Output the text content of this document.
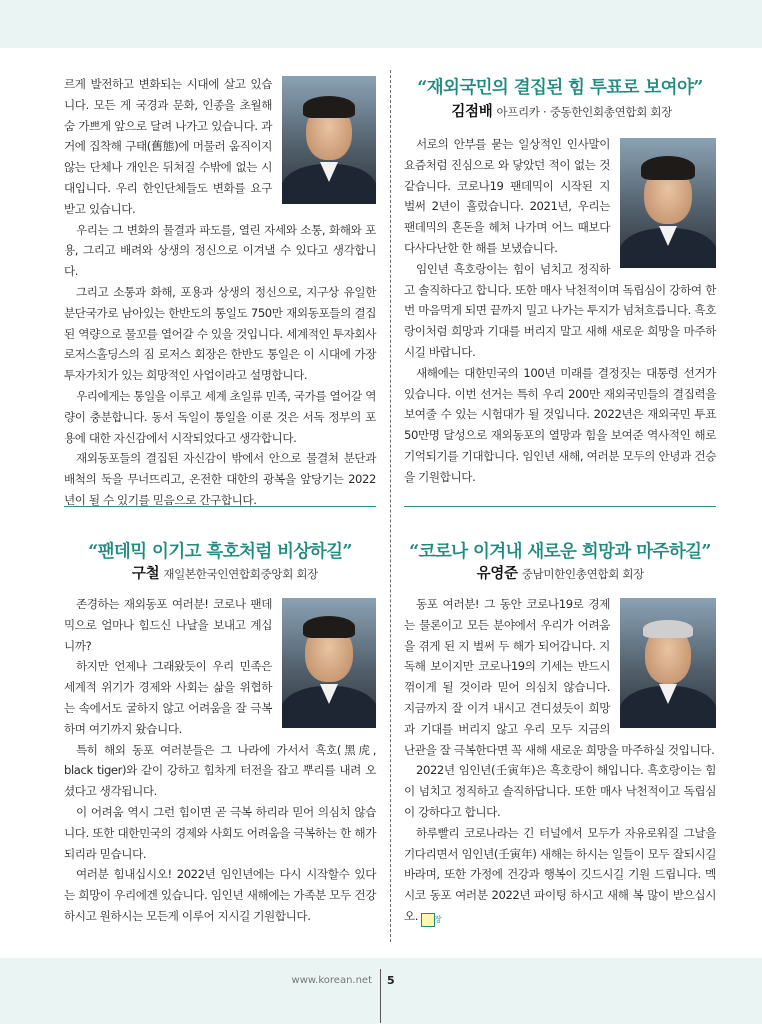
르게 발전하고 변화되는 시대에 살고 있습니다. 모든 게 국경과 문화, 인종을 초월해 숨 가쁘게 앞으로 달려 나가고 있습니다. 과거에 집착해 구태(舊態)에 머물러 움직이지 않는 단체나 개인은 뒤쳐질 수밖에 없는 시대입니다. 우리 한인단체들도 변화를 요구받고 있습니다.

우리는 그 변화의 물결과 파도를, 열린 자세와 소통, 화해와 포용, 그리고 배려와 상생의 정신으로 이겨낼 수 있다고 생각합니다.

그리고 소통과 화해, 포용과 상생의 정신으로, 지구상 유일한 분단국가로 남아있는 한반도의 통일도 750만 재외동포들의 결집된 역량으로 물꼬를 열어갈 수 있을 것입니다. 세계적인 투자회사 로저스홀딩스의 짐 로저스 회장은 한반도 통일은 이 시대에 가장 투자가치가 있는 희망적인 사업이라고 설명합니다.

우리에게는 통일을 이루고 세계 초일류 민족, 국가를 열어갈 역량이 충분합니다. 동서 독일이 통일을 이룬 것은 서독 정부의 포용에 대한 자신감에서 시작되었다고 생각합니다.

재외동포들의 결집된 자신감이 밖에서 안으로 물결쳐 분단과 배척의 둑을 무너뜨리고, 온전한 대한의 광복을 앞당기는 2022년이 될 수 있기를 믿음으로 간구합니다.

“재외국민의 결집된 힘 투표로 보여야”
김점배 아프리카 · 중동한인회총연합회 회장

서로의 안부를 묻는 일상적인 인사말이 요즘처럼 진심으로 와 닿았던 적이 없는 것 같습니다. 코로나19 팬데믹이 시작된 지 벌써 2년이 흘렀습니다. 2021년, 우리는 팬데믹의 혼돈을 헤쳐 나가며 어느 때보다 다사다난한 한 해를 보냈습니다.

임인년 흑호랑이는 힘이 넘치고 정직하고 솔직하다고 합니다. 또한 매사 낙천적이며 독립심이 강하여 한번 마음먹게 되면 끝까지 밀고 나가는 투지가 넘쳐흐릅니다. 흑호랑이처럼 희망과 기대를 버리지 말고 새해 새로운 희망을 마주하시길 바랍니다.

새해에는 대한민국의 100년 미래를 결정짓는 대통령 선거가 있습니다. 이번 선거는 특히 우리 200만 재외국민들의 결집력을 보여줄 수 있는 시험대가 될 것입니다. 2022년은 재외국민 투표 50만명 달성으로 재외동포의 열망과 힘을 보여준 역사적인 해로 기억되기를 기대합니다. 임인년 새해, 여러분 모두의 안녕과 건승을 기원합니다.

“팬데믹 이기고 흑호처럼 비상하길”
구철 재일본한국인연합회중앙회 회장

존경하는 재외동포 여러분! 코로나 팬데믹으로 얼마나 힘드신 나날을 보내고 계십니까?

하지만 언제나 그래왔듯이 우리 민족은 세계적 위기가 경제와 사회는 삶을 위협하는 속에서도 굴하지 않고 어려움을 잘 극복하며 여기까지 왔습니다.

특히 해외 동포 여러분들은 그 나라에 가서서 흑호(黑虎, black tiger)와 같이 강하고 힘차게 터전을 잡고 뿌리를 내려 오셨다고 생각됩니다.

이 어려움 역시 그런 힘이면 곧 극복 하리라 믿어 의심치 않습니다. 또한 대한민국의 경제와 사회도 어려움을 극복하는 한 해가 되리라 믿습니다.

여러분 힘내십시오! 2022년 임인년에는 다시 시작할수 있다는 희망이 우리에겐 있습니다. 임인년 새해에는 가족분 모두 건강하시고 원하시는 모든게 이루어 지시길 기원합니다.

“코로나 이겨내 새로운 희망과 마주하길”
유영준 중남미한인총연합회 회장

동포 여러분! 그 동안 코로나19로 경제는 물론이고 모든 분야에서 우리가 어려움을 겪게 된 지 벌써 두 해가 되어갑니다. 지독해 보이지만 코로나19의 기세는 반드시 꺾이게 될 것이라 믿어 의심치 않습니다. 지금까지 잘 이겨 내시고 견디셨듯이 희망과 기대를 버리지 않고 우리 모두 지금의 난관을 잘 극복한다면 꼭 새해 새로운 희망을 마주하실 것입니다.

2022년 임인년(壬寅年)은 흑호랑이 해입니다. 흑호랑이는 힘이 넘치고 정직하고 솔직하답니다. 또한 매사 낙천적이고 독립심이 강하다고 합니다.

하루빨리 코로나라는 긴 터널에서 모두가 자유로워질 그날을 기다리면서 임인년(壬寅年) 새해는 하시는 일들이 모두 잘되시길 바라며, 또한 가정에 건강과 행복이 깃드시길 기원 드립니다. 멕시코 동포 여러분 2022년 파이팅 하시고 새해 복 많이 받으십시오. 장

www.korean.net 5
